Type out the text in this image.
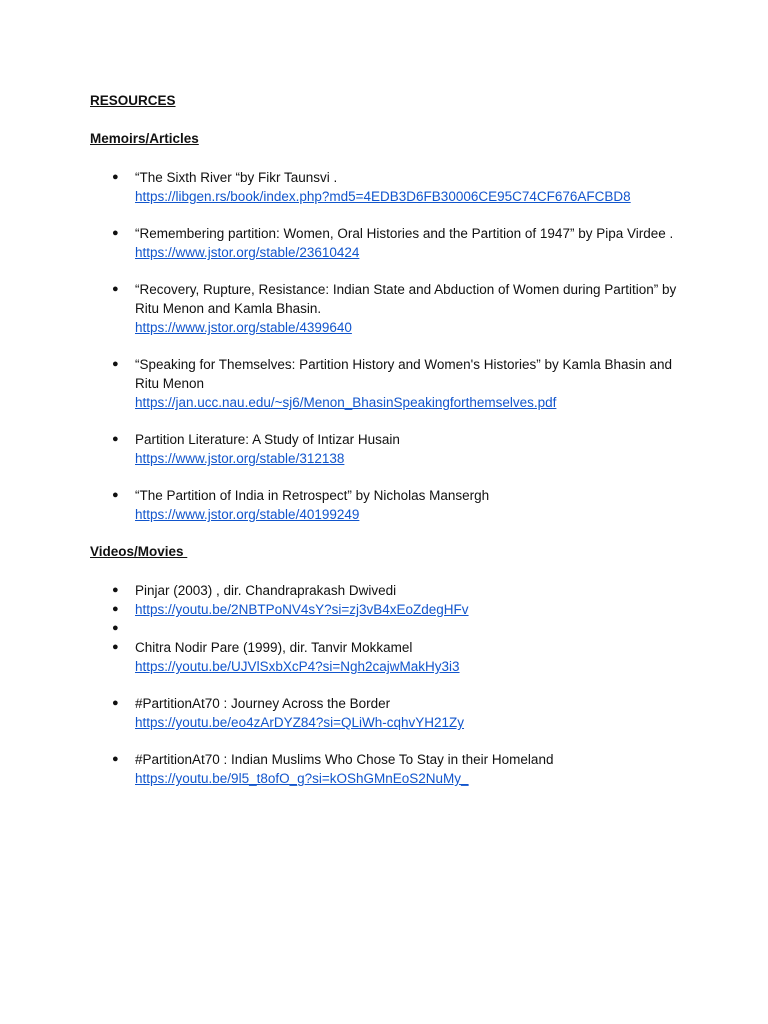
RESOURCES
Memoirs/Articles
● “The Sixth River “by Fikr Taunsvi .
https://libgen.rs/book/index.php?md5=4EDB3D6FB30006CE95C74CF676AFCBD8
● “Remembering partition: Women, Oral Histories and the Partition of 1947” by Pipa Virdee .
https://www.jstor.org/stable/23610424
● “Recovery, Rupture, Resistance: Indian State and Abduction of Women during Partition” by Ritu Menon and Kamla Bhasin.
https://www.jstor.org/stable/4399640
● “Speaking for Themselves: Partition History and Women's Histories” by Kamla Bhasin and Ritu Menon
https://jan.ucc.nau.edu/~sj6/Menon_BhasinSpeakingforthemselves.pdf
● Partition Literature: A Study of Intizar Husain
https://www.jstor.org/stable/312138
● “The Partition of India in Retrospect” by Nicholas Mansergh
https://www.jstor.org/stable/40199249
Videos/Movies
● Pinjar (2003) , dir. Chandraprakash Dwivedi
● https://youtu.be/2NBTPoNV4sY?si=zj3vB4xEoZdegHFv
●
● Chitra Nodir Pare (1999), dir. Tanvir Mokkamel
https://youtu.be/UJVlSxbXcP4?si=Ngh2cajwMakHy3i3
● #PartitionAt70 : Journey Across the Border
https://youtu.be/eo4zArDYZ84?si=QLiWh-cqhvYH21Zy
● #PartitionAt70 : Indian Muslims Who Chose To Stay in their Homeland
https://youtu.be/9l5_t8ofO_g?si=kOShGMnEoS2NuMy_
